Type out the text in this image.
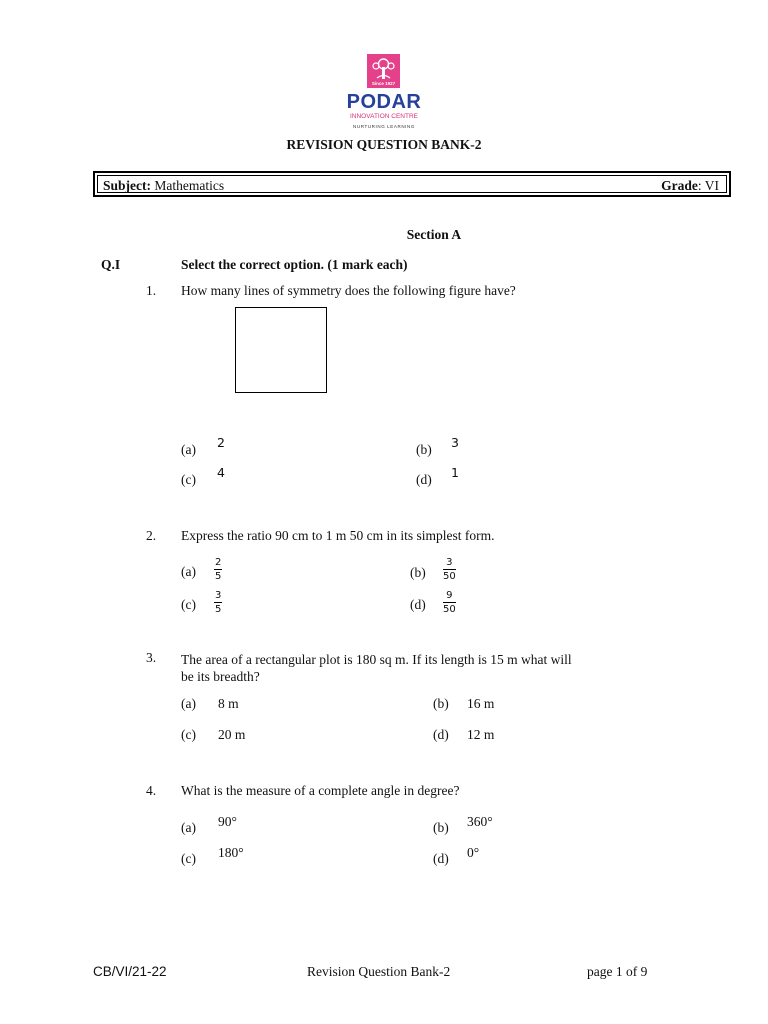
Since 1927
PODAR
INNOVATION CENTRE
NURTURING LEARNING
REVISION QUESTION BANK-2
Subject: Mathematics	Grade: VI
Section A
Q.I	Select the correct option. (1 mark each)
1. How many lines of symmetry does the following figure have?
(a) 2	(b) 3
(c) 4	(d) 1
2. Express the ratio 90 cm to 1 m 50 cm in its simplest form.
$(a) \frac{2}{5}$	$(b) \frac{3}{50}$
$(c) \frac{3}{5}$	$(d) \frac{9}{50}$
3. The area of a rectangular plot is 180 sq m. If its length is 15 m what will
be its breadth?
(a) 8 m	(b) 16 m
(c) 20 m	(d) 12 m
4. What is the measure of a complete angle in degree?
(a) 90°	(b) 360°
(c) 180°	(d) 0°
CB/VI/21-22	Revision Question Bank-2	page 1 of 9
